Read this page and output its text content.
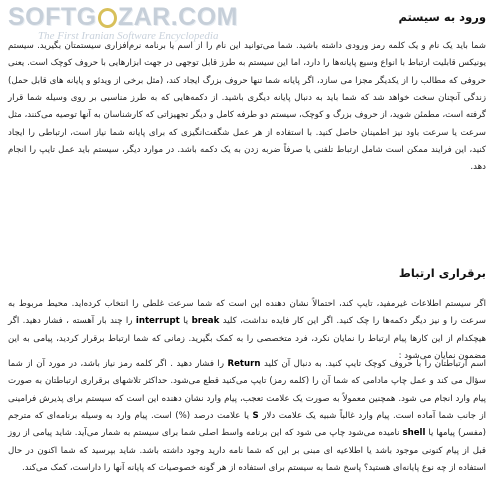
SOFTG ZAR.COM
The First Iranian Software Encyclopedia
ورود به سیستم
شما باید یک نام و یک کلمه رمز ورودی داشته باشید. شما می‌توانید این نام را از اسم یا برنامه نرم‌افزاری سیستمتان بگیرید. سیستم یونیکس قابلیت ارتباط با انواع وسیع پایانه‌ها را دارد، اما این سیستم به طرز قابل توجهی در جهت ابزارهایی با حروف کوچک است. یعنی حروفی که مطالب را از یکدیگر مجزا می سازد، اگر پایانه شما تنها حروف بزرگ ایجاد کند، (مثل برخی از ویدئو و پایانه های قابل حمل) زندگی آنچنان سخت خواهد شد که شما باید به دنبال پایانه دیگری باشید. از دکمه‌هایی که به طرز مناسبی بر روی وسیله شما قرار گرفته است، مطمئن شوید، از حروف بزرگ و کوچک، سیستم دو طرفه کامل و دیگر تجهیزاتی که کارشناسان به آنها توصیه می‌کنند، مثل سرعت یا سرعت باود نیز اطمینان حاصل کنید. با استفاده از هر عمل شگفت‌انگیزی که برای پایانه شما نیاز است، ارتباطی را ایجاد کنید، این فرایند ممکن است شامل ارتباط تلفنی یا صرفاً ضربه زدن به یک دکمه باشد. در موارد دیگر، سیستم باید عمل تایپ را انجام دهد.
برقراری ارتباط
اگر سیستم اطلاعات غیرمفید، تایپ کند، احتمالاً نشان دهنده این است که شما سرعت غلطی را انتخاب کرده‌اید. محیط مربوط به سرعت را و نیز دیگر دکمه‌ها را چک کنید. اگر این کار فایده نداشت، کلید break یا interrupt را چند بار آهسته ، فشار دهید. اگر هیچکدام از این کارها پیام ارتباط را نمایان نکرد، فرد متخصصی را به کمک بگیرید. زمانی که شما ارتباط برقرار کردید، پیامی به این مضمون نمایان می‌شود :
اسم ارتباطتان را با حروف کوچک تایپ کنید. به دنبال آن کلید Return را فشار دهید . اگر کلمه رمز نیاز باشد، در مورد آن از شما سؤال می کند و عمل چاپ مادامی که شما آن را (کلمه رمز) تایپ می‌کنید قطع می‌شود. حداکثر تلاشهای برقراری ارتباطتان به صورت پیام وارد انجام می شود. همچنین معمولاً به صورت یک علامت تعجب، پیام وارد نشان دهنده این است که سیستم برای پذیرش فرامینی از جانب شما آماده است. پیام وارد غالباً شبیه یک علامت دلار S یا علامت درصد (%) است. پیام وارد به وسیله برنامه‌ای که مترجم (مفسر) پیامها یا shell نامیده می‌شود چاپ می شود که این برنامه واسط اصلی شما برای سیستم به شمار می‌آید. شاید پیامی از روز قبل از پیام کنونی موجود باشد یا اطلاعیه ای مبنی بر این که شما نامه دارید وجود داشته باشد. شاید بپرسید که شما اکنون در حال استفاده از چه نوع پایانه‌ای هستید؟ پاسخ شما به سیستم برای استفاده از هر گونه خصوصیات که پایانه آنها را داراست، کمک می‌کند.
